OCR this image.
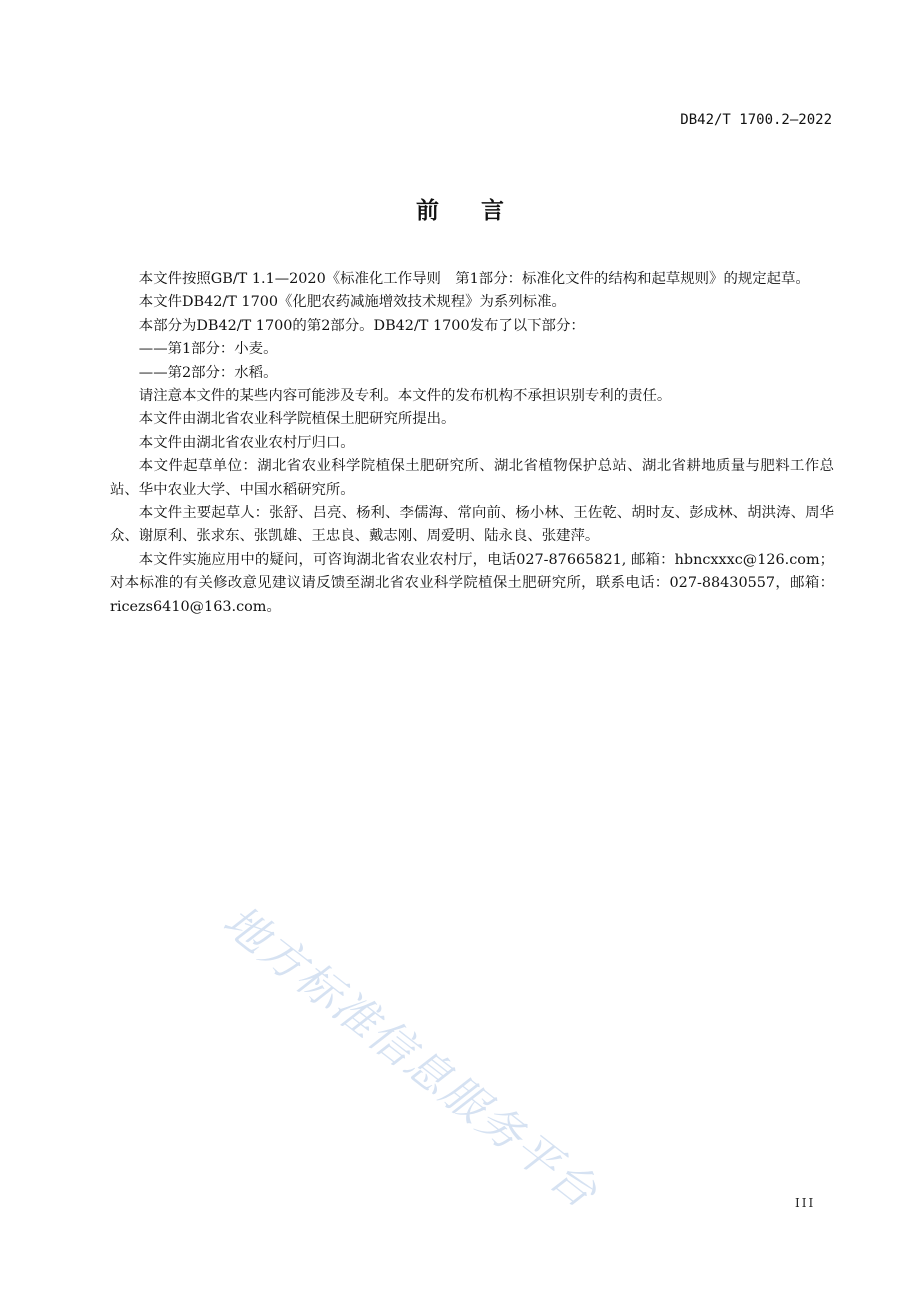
DB42/T 1700.2—2022
前 言

本文件按照GB/T 1.1—2020《标准化工作导则　第1部分：标准化文件的结构和起草规则》的规定起草。

本文件DB42/T 1700《化肥农药减施增效技术规程》为系列标准。

本部分为DB42/T 1700的第2部分。DB42/T 1700发布了以下部分：

——第1部分：小麦。

——第2部分：水稻。

请注意本文件的某些内容可能涉及专利。本文件的发布机构不承担识别专利的责任。

本文件由湖北省农业科学院植保土肥研究所提出。

本文件由湖北省农业农村厅归口。

本文件起草单位：湖北省农业科学院植保土肥研究所、湖北省植物保护总站、湖北省耕地质量与肥料工作总站、华中农业大学、中国水稻研究所。

本文件主要起草人：张舒、吕亮、杨利、李儒海、常向前、杨小林、王佐乾、胡时友、彭成林、胡洪涛、周华众、谢原利、张求东、张凯雄、王忠良、戴志刚、周爱明、陆永良、张建萍。

本文件实施应用中的疑问，可咨询湖北省农业农村厅，电话027-87665821, 邮箱：hbncxxxc@126.com；对本标准的有关修改意见建议请反馈至湖北省农业科学院植保土肥研究所，联系电话：027-88430557，邮箱：ricezs6410@163.com。

地方标准信息服务平台	III
